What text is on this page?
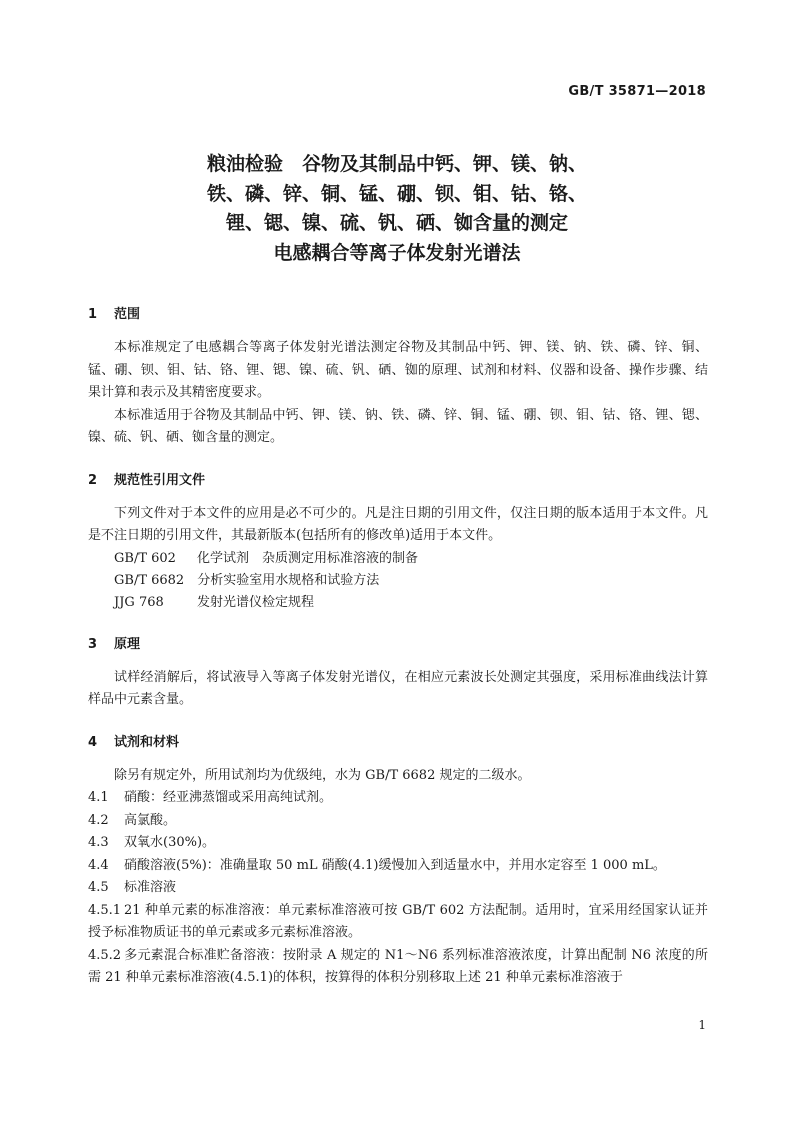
GB/T 35871—2018
粮油检验　谷物及其制品中钙、钾、镁、钠、
铁、磷、锌、铜、锰、硼、钡、钼、钴、铬、
锂、锶、镍、硫、钒、硒、铷含量的测定
电感耦合等离子体发射光谱法
1 范围
本标准规定了电感耦合等离子体发射光谱法测定谷物及其制品中钙、钾、镁、钠、铁、磷、锌、铜、锰、硼、钡、钼、钴、铬、锂、锶、镍、硫、钒、硒、铷的原理、试剂和材料、仪器和设备、操作步骤、结果计算和表示及其精密度要求。
本标准适用于谷物及其制品中钙、钾、镁、钠、铁、磷、锌、铜、锰、硼、钡、钼、钴、铬、锂、锶、镍、硫、钒、硒、铷含量的测定。
2 规范性引用文件
下列文件对于本文件的应用是必不可少的。凡是注日期的引用文件，仅注日期的版本适用于本文件。凡是不注日期的引用文件，其最新版本(包括所有的修改单)适用于本文件。
GB/T 602　 化学试剂　杂质测定用标准溶液的制备
GB/T 6682　 分析实验室用水规格和试验方法
JJG 768　	发射光谱仪检定规程
3 原理
试样经消解后，将试液导入等离子体发射光谱仪，在相应元素波长处测定其强度，采用标准曲线法计算样品中元素含量。
4 试剂和材料
除另有规定外，所用试剂均为优级纯，水为 GB/T 6682 规定的二级水。
4.1 硝酸：经亚沸蒸馏或采用高纯试剂。
4.2 高氯酸。
4.3 双氧水(30%)。
4.4 硝酸溶液(5%)：准确量取 50 mL 硝酸(4.1)缓慢加入到适量水中，并用水定容至 1 000 mL。
4.5 标准溶液
4.5.1 21 种单元素的标准溶液：单元素标准溶液可按 GB/T 602 方法配制。适用时，宜采用经国家认证并授予标准物质证书的单元素或多元素标准溶液。
4.5.2 多元素混合标准贮备溶液：按附录 A 规定的 N1～N6 系列标准溶液浓度，计算出配制 N6 浓度的所需 21 种单元素标准溶液(4.5.1)的体积，按算得的体积分别移取上述 21 种单元素标准溶液于
1
